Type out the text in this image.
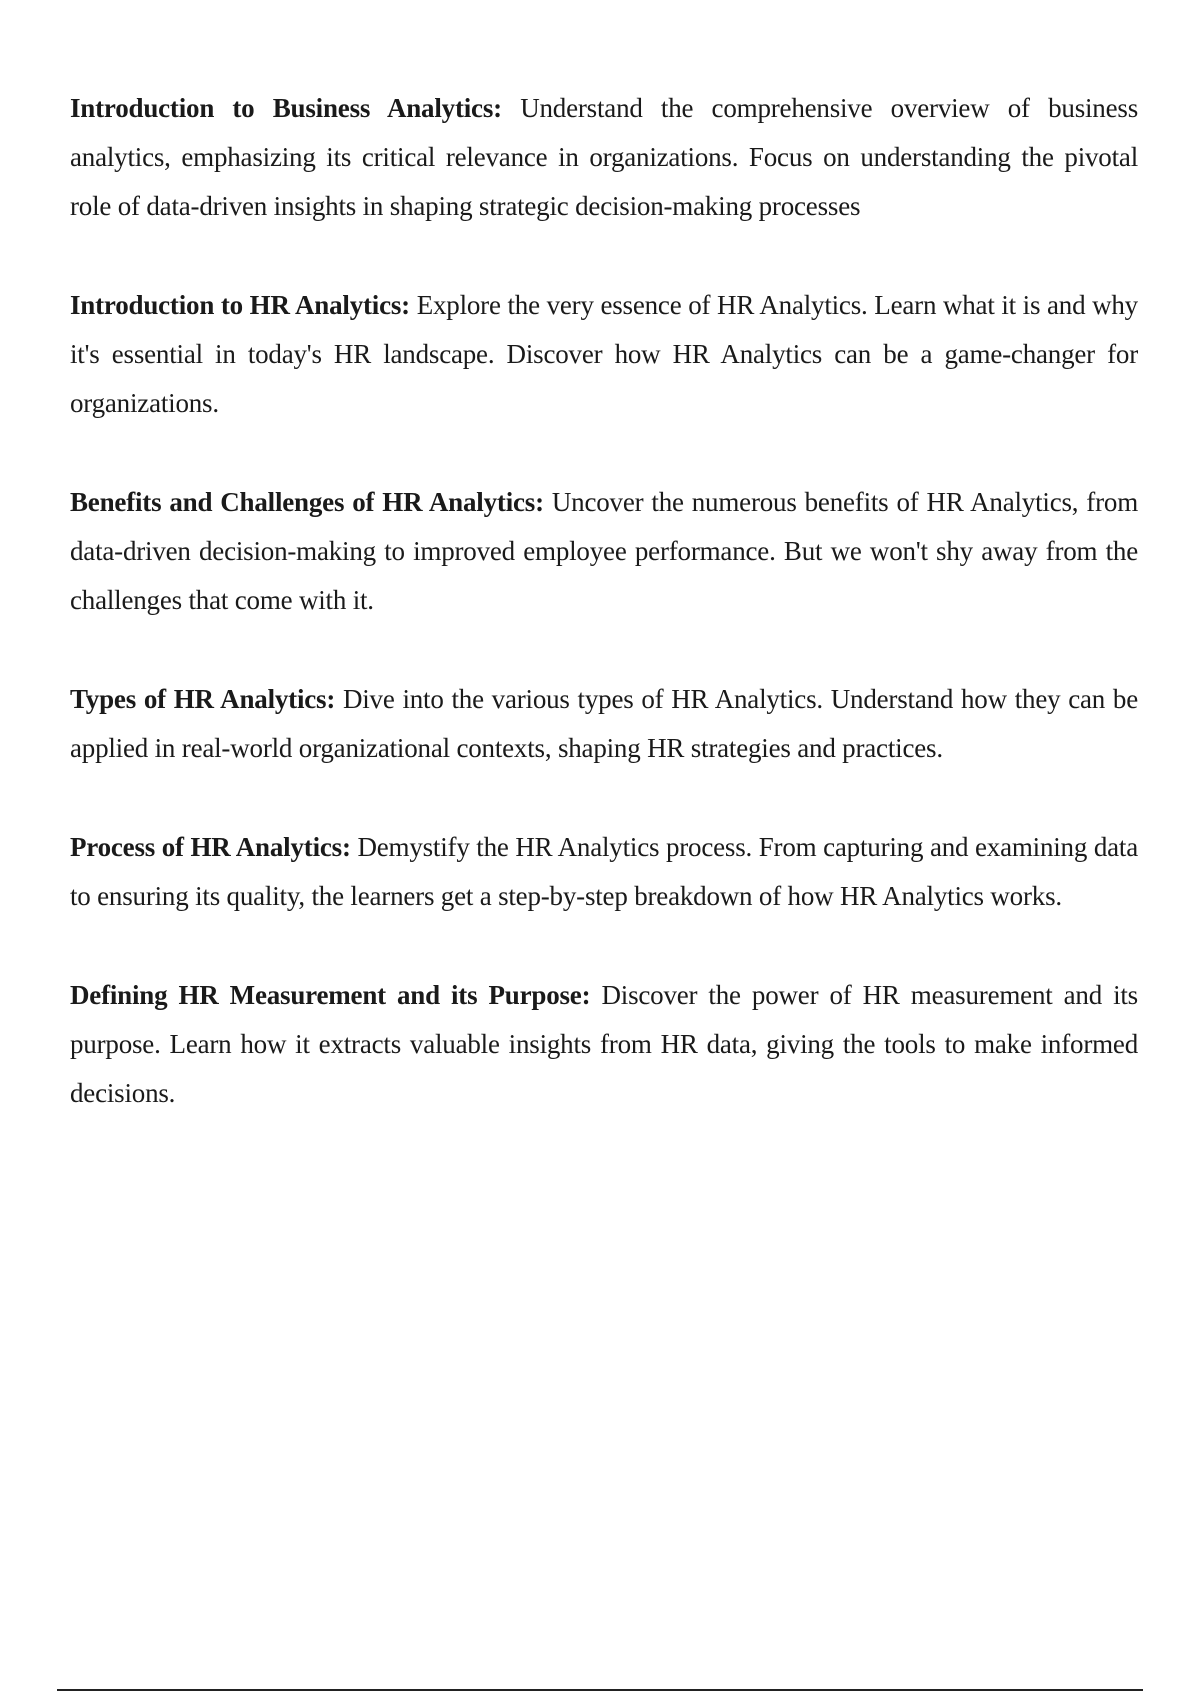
Introduction to Business Analytics: Understand the comprehensive overview of business analytics, emphasizing its critical relevance in organizations. Focus on understanding the pivotal role of data-driven insights in shaping strategic decision-making processes

Introduction to HR Analytics: Explore the very essence of HR Analytics. Learn what it is and why it's essential in today's HR landscape. Discover how HR Analytics can be a game-changer for organizations.

Benefits and Challenges of HR Analytics: Uncover the numerous benefits of HR Analytics, from data-driven decision-making to improved employee performance. But we won't shy away from the challenges that come with it.

Types of HR Analytics: Dive into the various types of HR Analytics. Understand how they can be applied in real-world organizational contexts, shaping HR strategies and practices.

Process of HR Analytics: Demystify the HR Analytics process. From capturing and examining data to ensuring its quality, the learners get a step-by-step breakdown of how HR Analytics works.

Defining HR Measurement and its Purpose: Discover the power of HR measurement and its purpose. Learn how it extracts valuable insights from HR data, giving the tools to make informed decisions.
